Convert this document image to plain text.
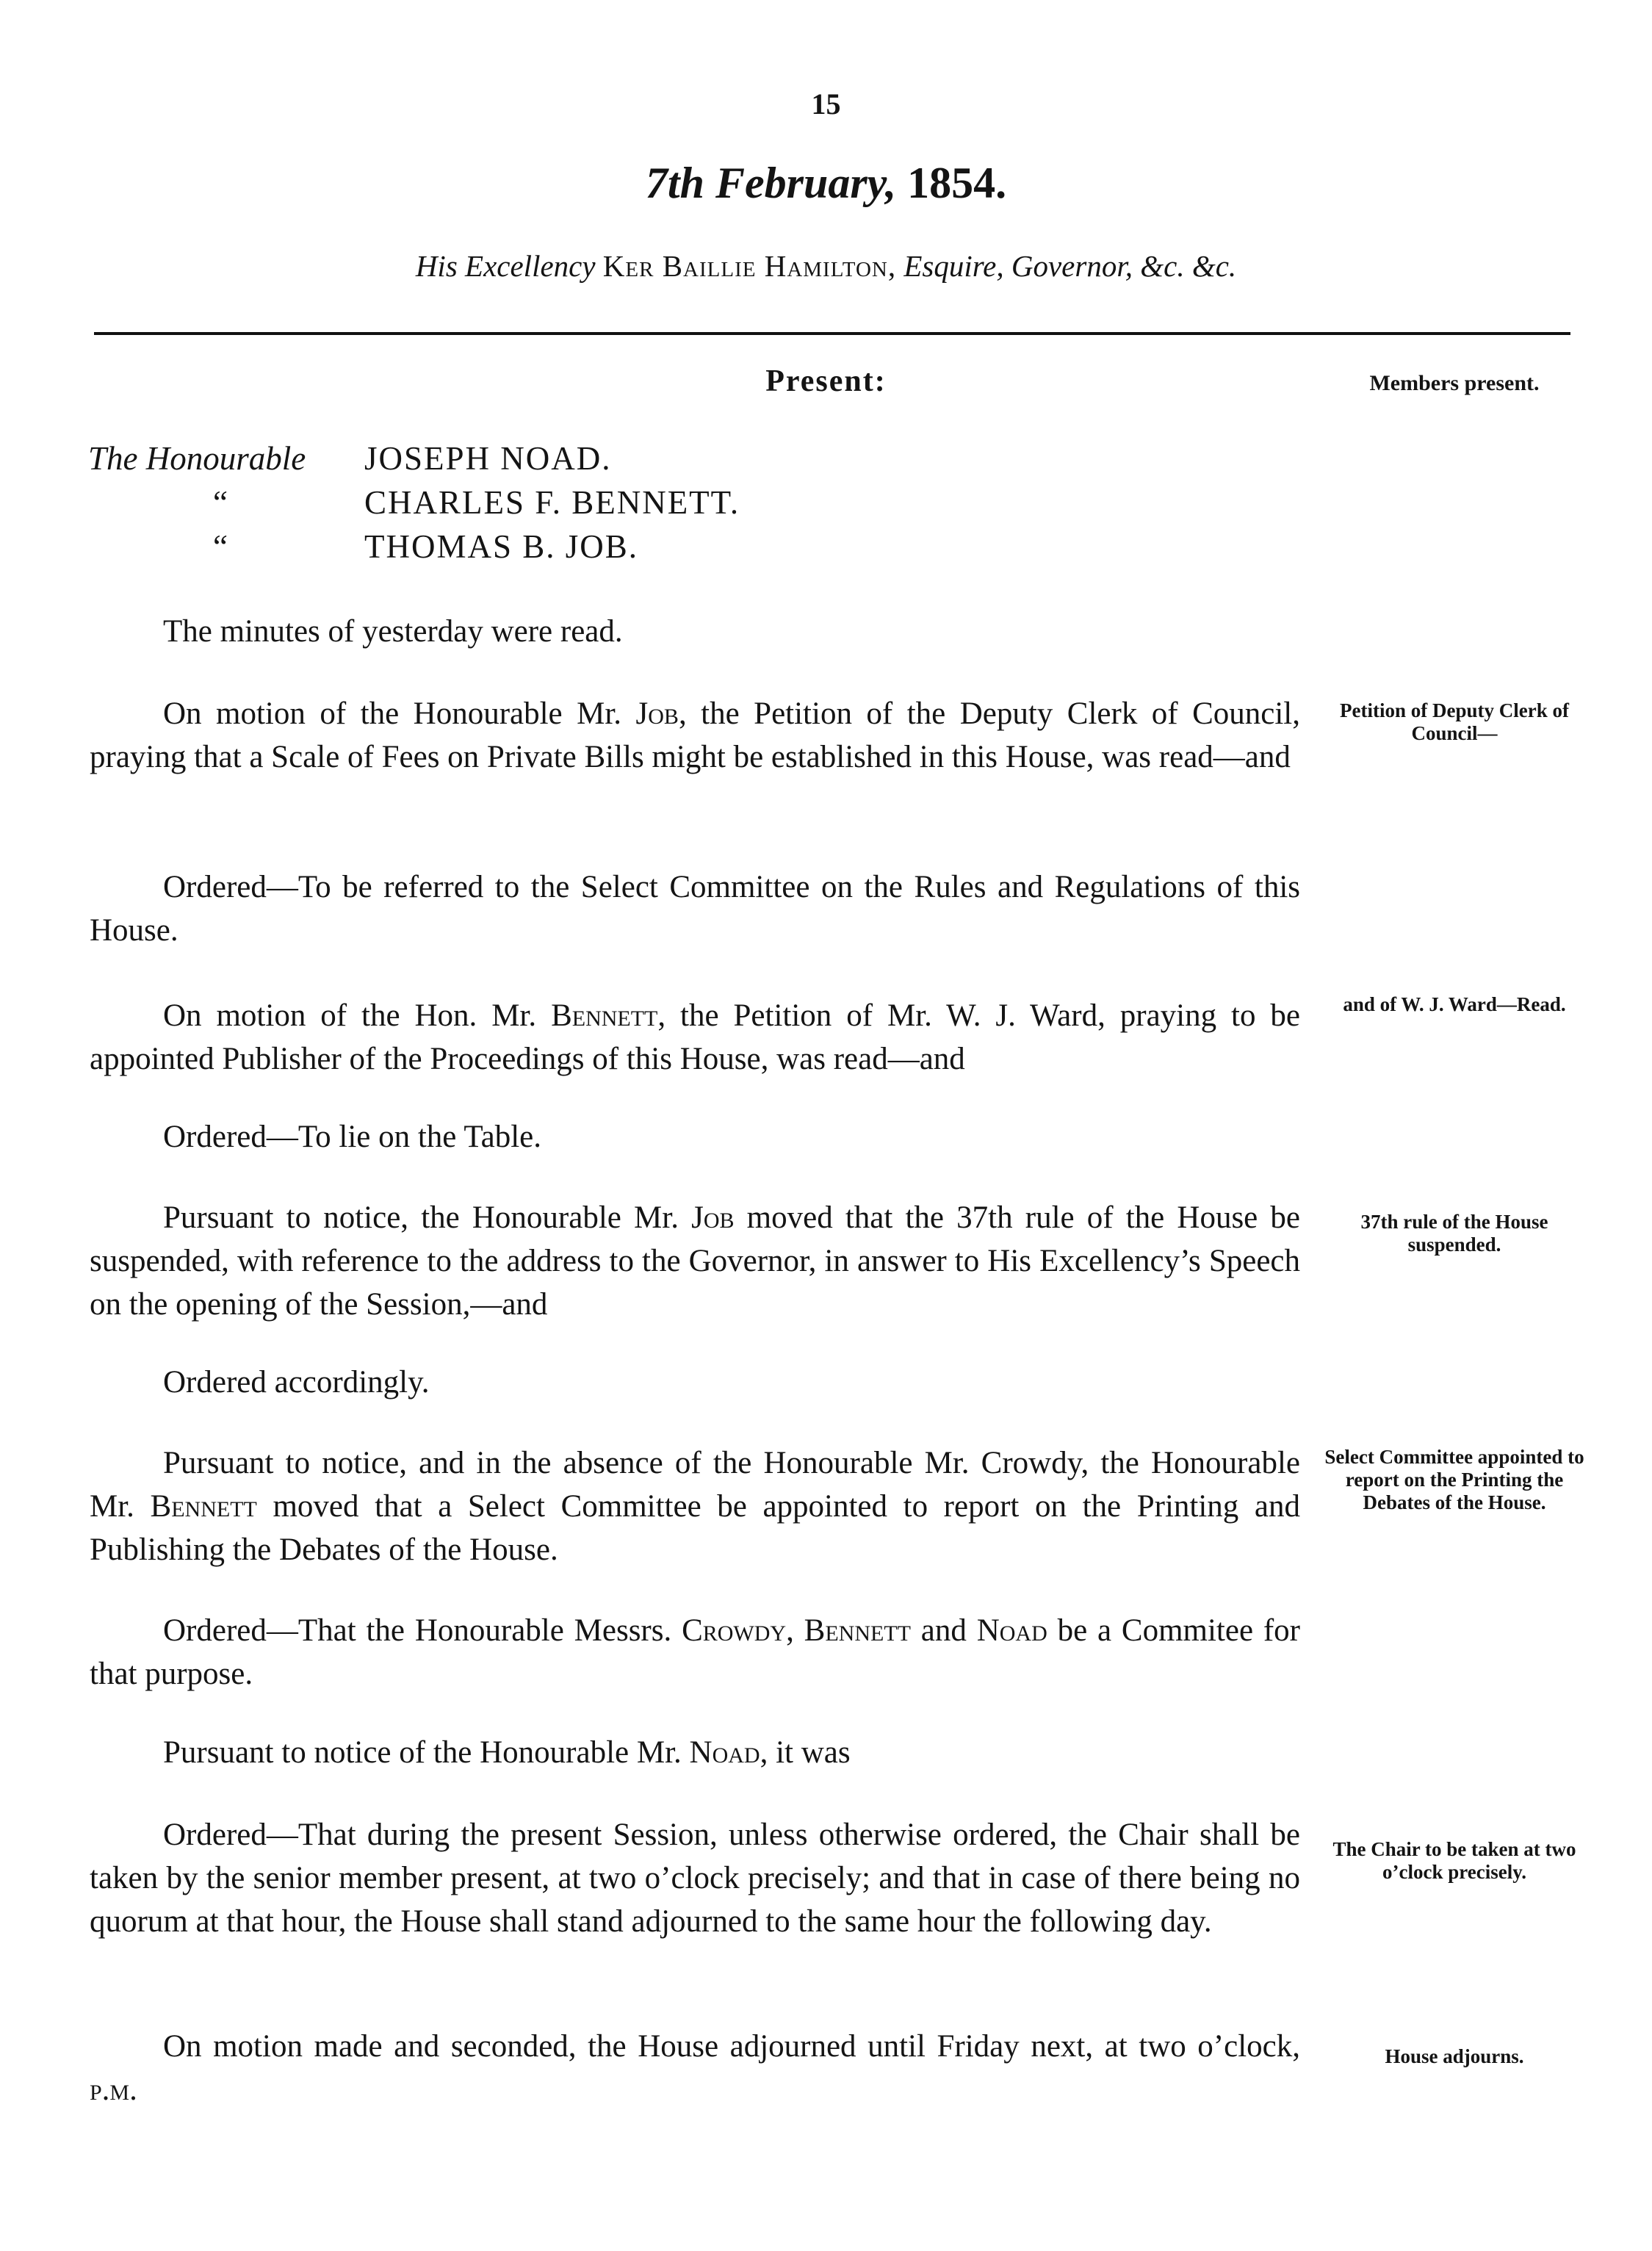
15
7th February, 1854.
His Excellency Ker Baillie Hamilton, Esquire, Governor, &c. &c.
Present:	Members present.
The Honourable JOSEPH NOAD.
“	CHARLES F. BENNETT.
“	THOMAS B. JOB.

The minutes of yesterday were read.

On motion of the Honourable Mr. Job, the Petition of the Deputy Clerk of Council, praying that a Scale of Fees on Private Bills might be established in this House, was read—and

Petition of Deputy Clerk of Council—

Ordered—To be referred to the Select Committee on the Rules and Regulations of this House.

On motion of the Hon. Mr. Bennett, the Petition of Mr. W. J. Ward, praying to be appointed Publisher of the Proceedings of this House, was read—and

and of W. J. Ward—Read.

Ordered—To lie on the Table.

Pursuant to notice, the Honourable Mr. Job moved that the 37th rule of the House be suspended, with reference to the address to the Governor, in answer to His Excellency’s Speech on the opening of the Session,—and

37th rule of the House suspended.

Ordered accordingly.

Pursuant to notice, and in the absence of the Honourable Mr. Crowdy, the Honourable Mr. Bennett moved that a Select Committee be appointed to report on the Printing and Publishing the Debates of the House.

Select Committee appointed to report on the Printing the Debates of the House.

Ordered—That the Honourable Messrs. Crowdy, Bennett and Noad be a Commitee for that purpose.

Pursuant to notice of the Honourable Mr. Noad, it was

Ordered—That during the present Session, unless otherwise ordered, the Chair shall be taken by the senior member present, at two o’clock precisely; and that in case of there being no quorum at that hour, the House shall stand adjourned to the same hour the following day.

The Chair to be taken at two o’clock precisely.

On motion made and seconded, the House adjourned until Friday next, at two o’clock, p.m.

House adjourns.
